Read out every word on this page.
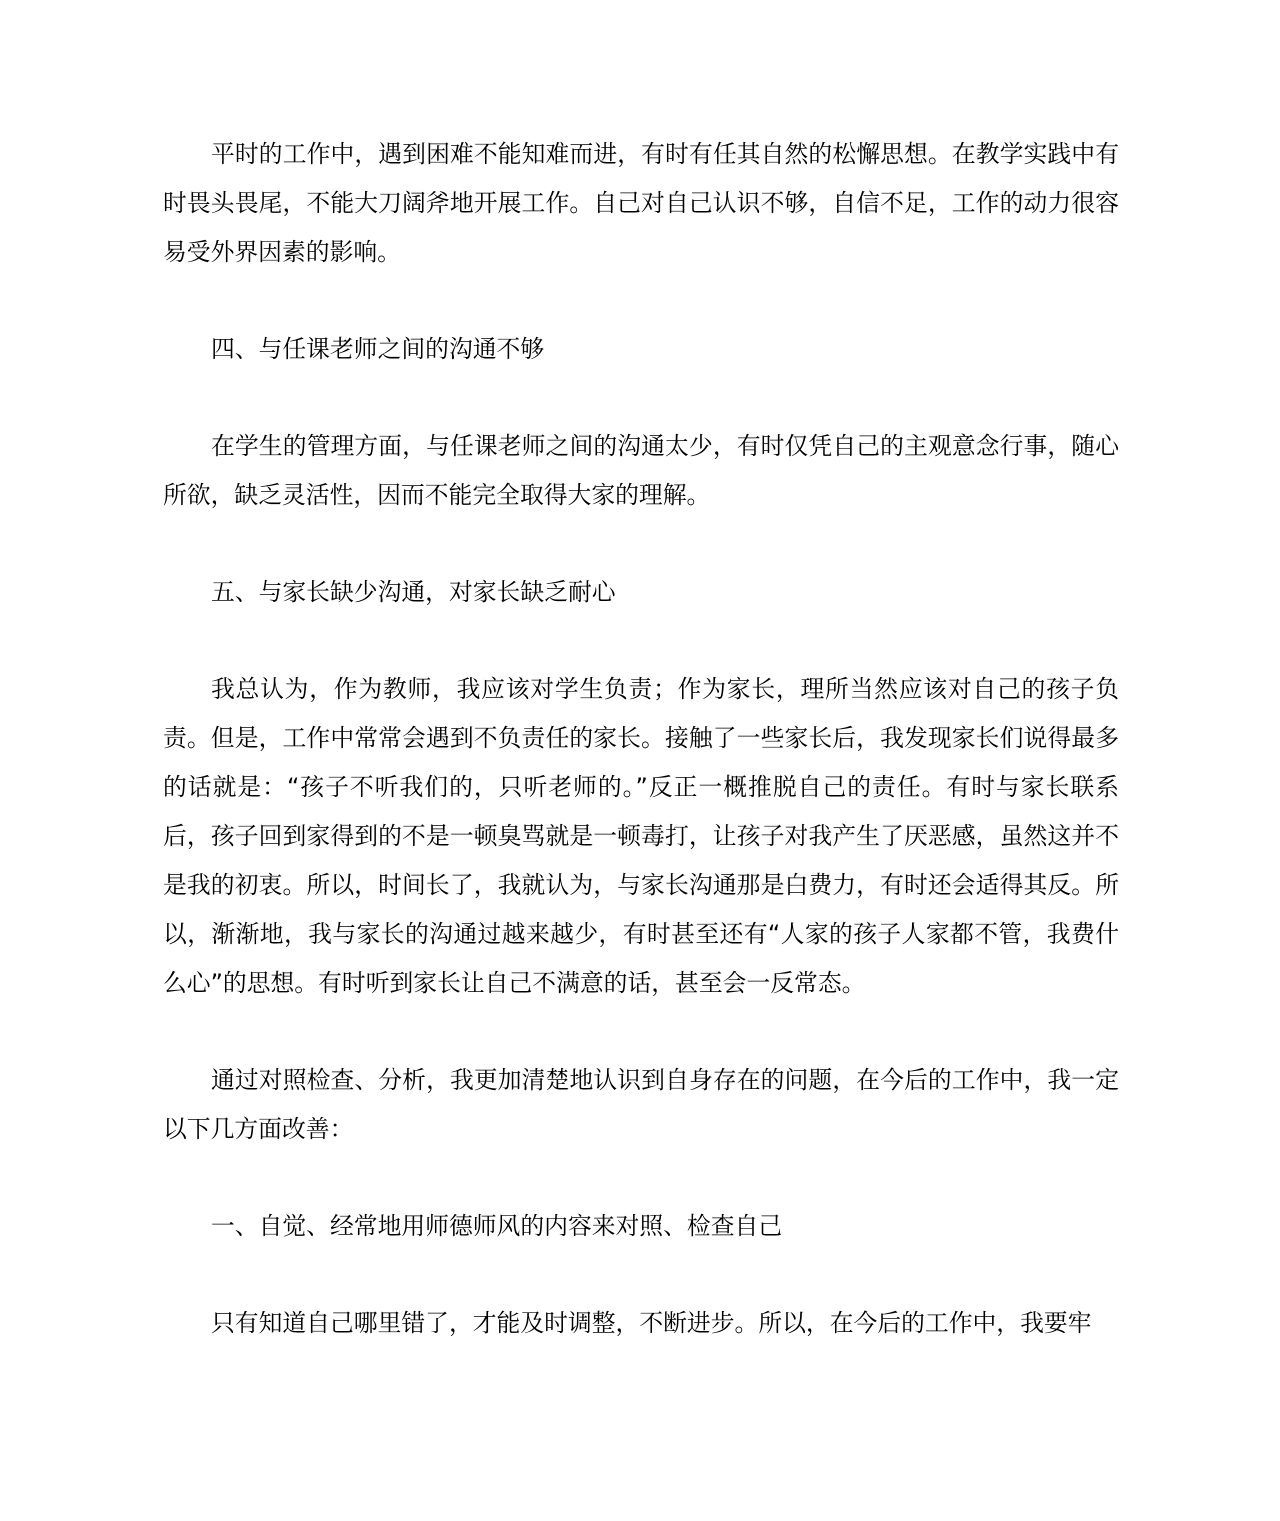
平时的工作中，遇到困难不能知难而进，有时有任其自然的松懈思想。在教学实践中有时畏头畏尾，不能大刀阔斧地开展工作。自己对自己认识不够，自信不足，工作的动力很容易受外界因素的影响。

四、与任课老师之间的沟通不够

在学生的管理方面，与任课老师之间的沟通太少，有时仅凭自己的主观意念行事，随心所欲，缺乏灵活性，因而不能完全取得大家的理解。

五、与家长缺少沟通，对家长缺乏耐心

我总认为，作为教师，我应该对学生负责；作为家长，理所当然应该对自己的孩子负责。但是，工作中常常会遇到不负责任的家长。接触了一些家长后，我发现家长们说得最多的话就是：“孩子不听我们的，只听老师的。”反正一概推脱自己的责任。有时与家长联系后，孩子回到家得到的不是一顿臭骂就是一顿毒打，让孩子对我产生了厌恶感，虽然这并不是我的初衷。所以，时间长了，我就认为，与家长沟通那是白费力，有时还会适得其反。所以，渐渐地，我与家长的沟通过越来越少，有时甚至还有“人家的孩子人家都不管，我费什么心”的思想。有时听到家长让自己不满意的话，甚至会一反常态。

通过对照检查、分析，我更加清楚地认识到自身存在的问题，在今后的工作中，我一定以下几方面改善：

一、自觉、经常地用师德师风的内容来对照、检查自己

只有知道自己哪里错了，才能及时调整，不断进步。所以，在今后的工作中，我要牢
